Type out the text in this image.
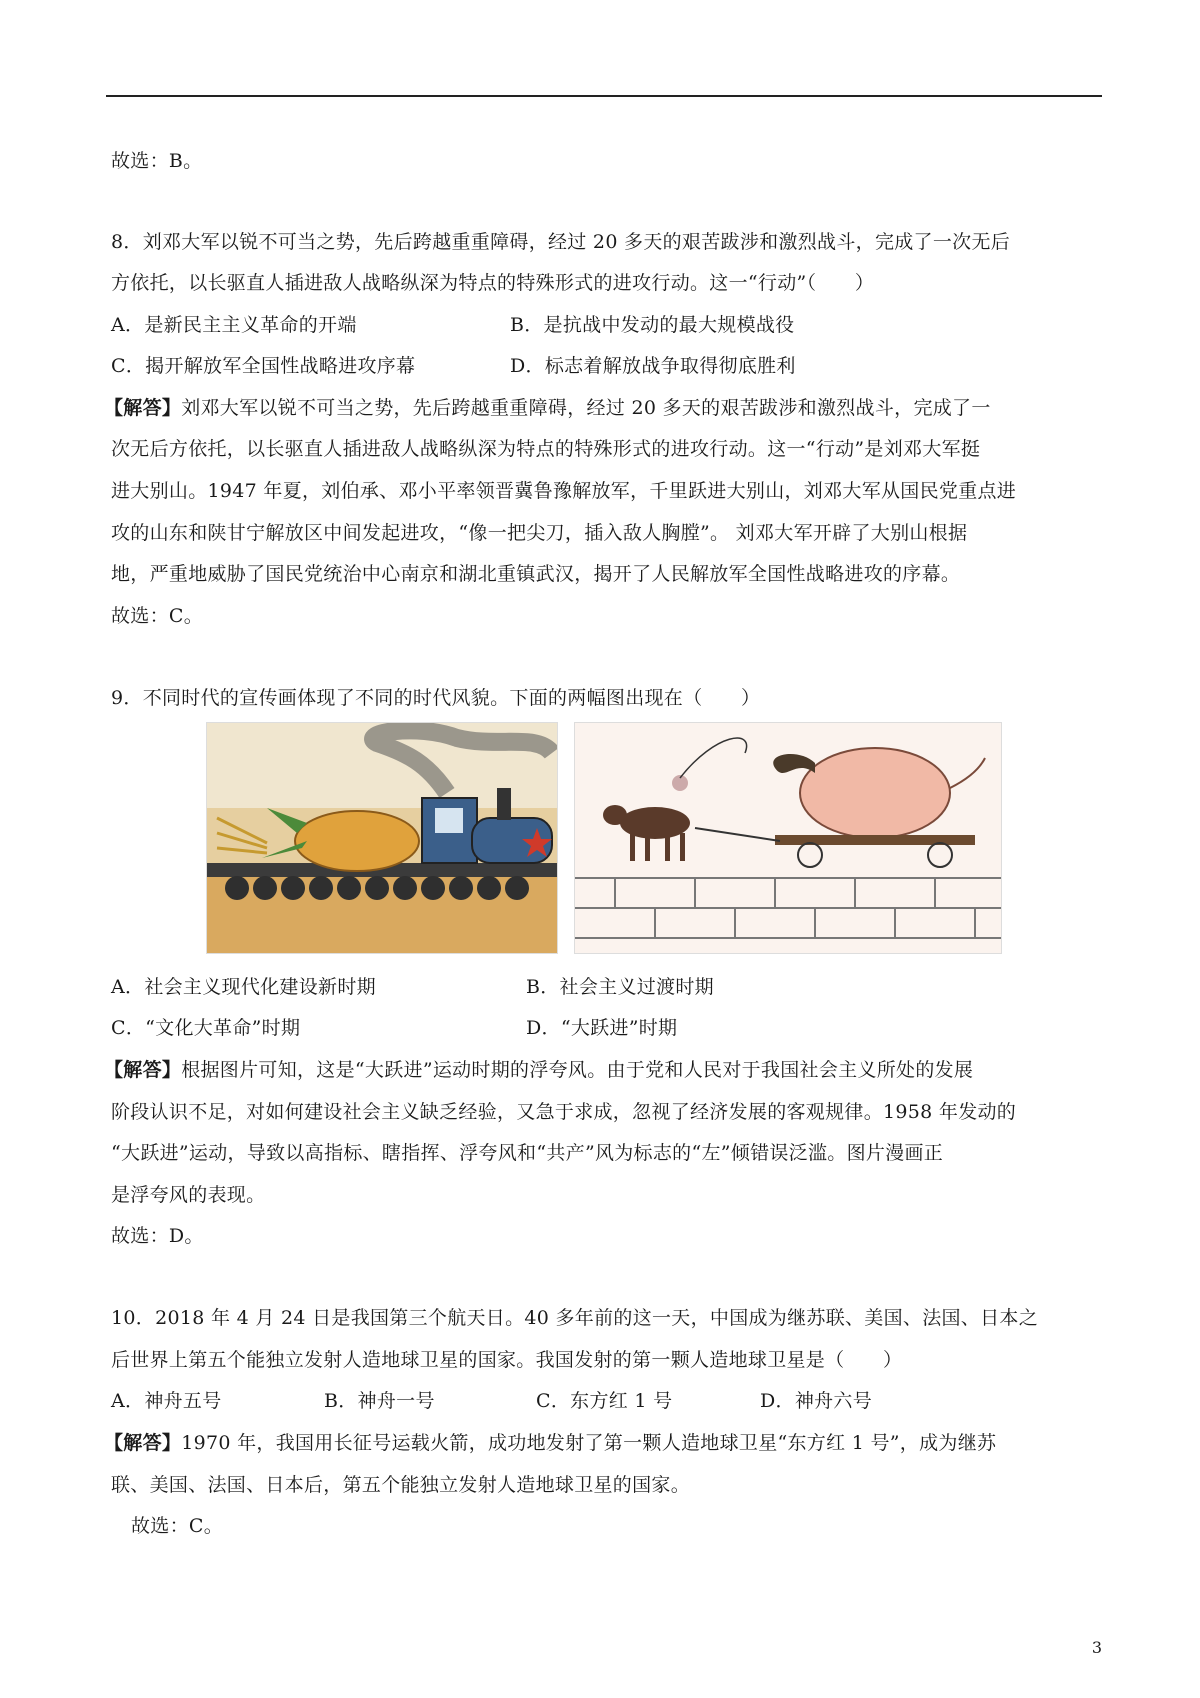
故选：B。
8．刘邓大军以锐不可当之势，先后跨越重重障碍，经过 20 多天的艰苦跋涉和激烈战斗，完成了一次无后
方依托，以长驱直人插进敌人战略纵深为特点的特殊形式的进攻行动。这一“行动”（　　）
A．是新民主主义革命的开端	B．是抗战中发动的最大规模战役
C．揭开解放军全国性战略进攻序幕	D．标志着解放战争取得彻底胜利
【解答】刘邓大军以锐不可当之势，先后跨越重重障碍，经过 20 多天的艰苦跋涉和激烈战斗，完成了一
次无后方依托，以长驱直人插进敌人战略纵深为特点的特殊形式的进攻行动。这一“行动”是刘邓大军挺
进大别山。1947 年夏，刘伯承、邓小平率领晋冀鲁豫解放军，千里跃进大别山，刘邓大军从国民党重点进
攻的山东和陕甘宁解放区中间发起进攻，“像一把尖刀，插入敌人胸膛”。 刘邓大军开辟了大别山根据
地，严重地威胁了国民党统治中心南京和湖北重镇武汉，揭开了人民解放军全国性战略进攻的序幕。
故选：C。
9．不同时代的宣传画体现了不同的时代风貌。下面的两幅图出现在（　　）
A．社会主义现代化建设新时期	B．社会主义过渡时期
C．“文化大革命”时期	D．“大跃进”时期
【解答】根据图片可知，这是“大跃进”运动时期的浮夸风。由于党和人民对于我国社会主义所处的发展
阶段认识不足，对如何建设社会主义缺乏经验，又急于求成，忽视了经济发展的客观规律。1958 年发动的
“大跃进”运动，导致以高指标、瞎指挥、浮夸风和“共产”风为标志的“左”倾错误泛滥。图片漫画正
是浮夸风的表现。
故选：D。
10．2018 年 4 月 24 日是我国第三个航天日。40 多年前的这一天，中国成为继苏联、美国、法国、日本之
后世界上第五个能独立发射人造地球卫星的国家。我国发射的第一颗人造地球卫星是（　　）
A．神舟五号	B．神舟一号	C．东方红 1 号	D．神舟六号
【解答】1970 年，我国用长征号运载火箭，成功地发射了第一颗人造地球卫星“东方红 1 号”，成为继苏
联、美国、法国、日本后，第五个能独立发射人造地球卫星的国家。
故选：C。
3
